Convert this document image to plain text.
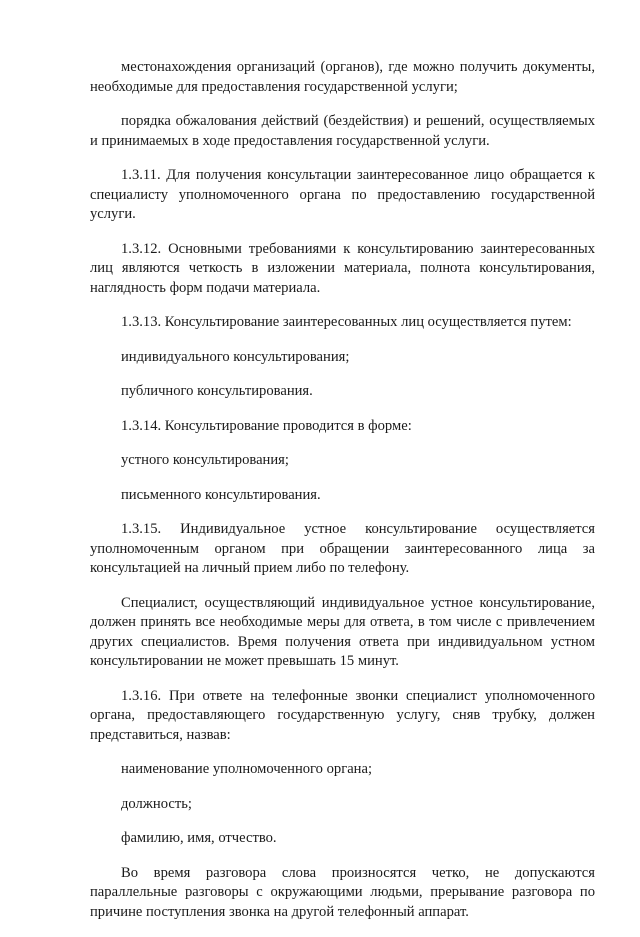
местонахождения организаций (органов), где можно получить документы, необходимые для предоставления государственной услуги;

порядка обжалования действий (бездействия) и решений, осуществляемых и принимаемых в ходе предоставления государственной услуги.

1.3.11. Для получения консультации заинтересованное лицо обращается к специалисту уполномоченного органа по предоставлению государственной услуги.

1.3.12. Основными требованиями к консультированию заинтересованных лиц являются четкость в изложении материала, полнота консультирования, наглядность форм подачи материала.

1.3.13. Консультирование заинтересованных лиц осуществляется путем:

индивидуального консультирования;

публичного консультирования.

1.3.14. Консультирование проводится в форме:

устного консультирования;

письменного консультирования.

1.3.15. Индивидуальное устное консультирование осуществляется уполномоченным органом при обращении заинтересованного лица за консультацией на личный прием либо по телефону.

Специалист, осуществляющий индивидуальное устное консультирование, должен принять все необходимые меры для ответа, в том числе с привлечением других специалистов. Время получения ответа при индивидуальном устном консультировании не может превышать 15 минут.

1.3.16. При ответе на телефонные звонки специалист уполномоченного органа, предоставляющего государственную услугу, сняв трубку, должен представиться, назвав:

наименование уполномоченного органа;

должность;

фамилию, имя, отчество.

Во время разговора слова произносятся четко, не допускаются параллельные разговоры с окружающими людьми, прерывание разговора по причине поступления звонка на другой телефонный аппарат.
